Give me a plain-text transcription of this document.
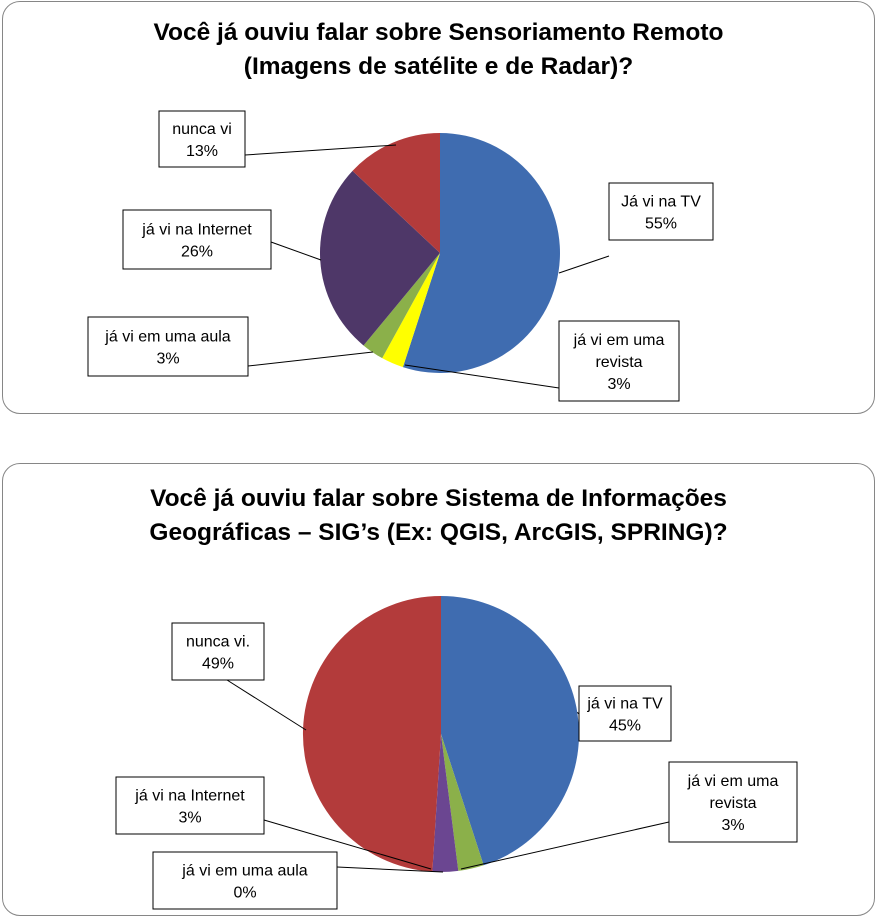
Você já ouviu falar sobre Sensoriamento Remoto
(Imagens de satélite e de Radar)?
Já vi na TV
55%
já vi em uma
revista
3%
já vi em uma aula
3%
já vi na Internet
26%
nunca vi
13%
Você já ouviu falar sobre Sistema de Informações
Geográficas – SIG’s (Ex: QGIS, ArcGIS, SPRING)?
já vi na TV
45%
já vi em uma
revista
3%
já vi em uma aula
0%
já vi na Internet
3%
nunca vi.
49%
